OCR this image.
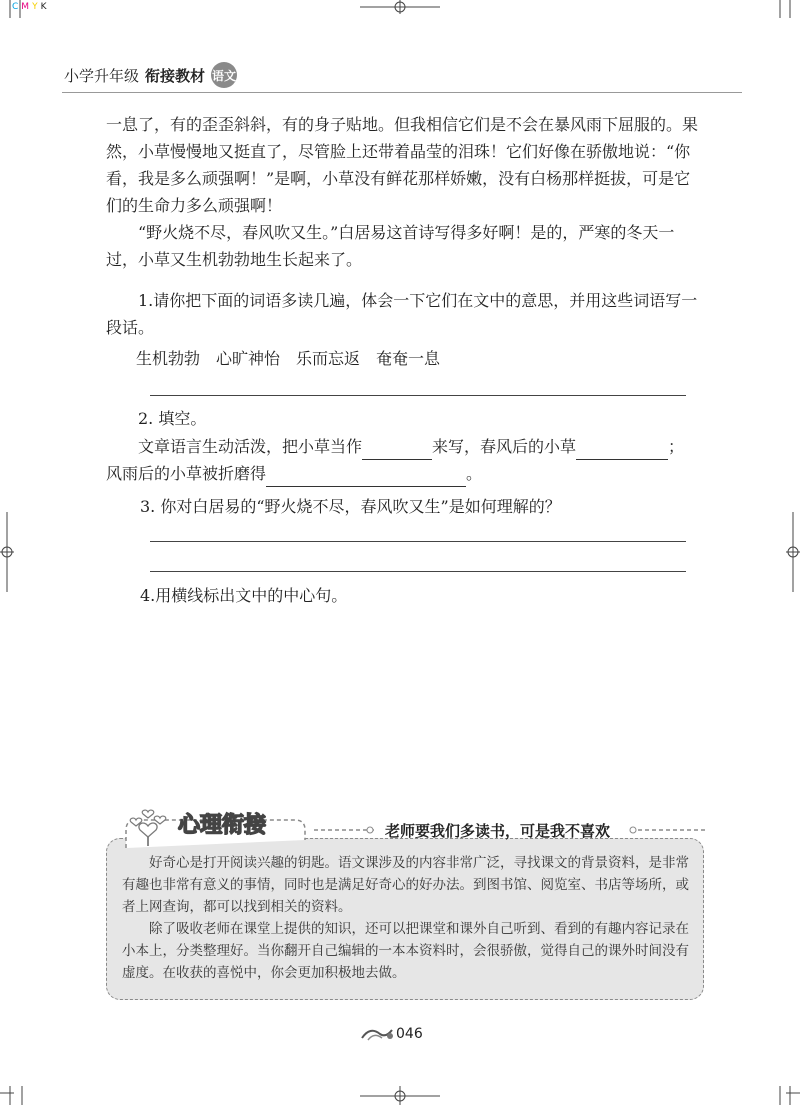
CMYK
小学升年级 衔接教材 语文

一息了，有的歪歪斜斜，有的身子贴地。但我相信它们是不会在暴风雨下屈服的。果然，小草慢慢地又挺直了，尽管脸上还带着晶莹的泪珠！它们好像在骄傲地说：“你看，我是多么顽强啊！”是啊，小草没有鲜花那样娇嫩，没有白杨那样挺拔，可是它们的生命力多么顽强啊！

“野火烧不尽，春风吹又生。”白居易这首诗写得多好啊！是的，严寒的冬天一过，小草又生机勃勃地生长起来了。

1.请你把下面的词语多读几遍，体会一下它们在文中的意思，并用这些词语写一段话。

生机勃勃　心旷神怡　乐而忘返　奄奄一息
2. 填空。
文章语言生动活泼，把小草当作	来写，春风后的小草	；
风雨后的小草被折磨得	。
3. 你对白居易的“野火烧不尽，春风吹又生”是如何理解的？
4.用横线标出文中的中心句。
心理衔接	老师要我们多读书，可是我不喜欢

好奇心是打开阅读兴趣的钥匙。语文课涉及的内容非常广泛，寻找课文的背景资料，是非常有趣也非常有意义的事情，同时也是满足好奇心的好办法。到图书馆、阅览室、书店等场所，或者上网查询，都可以找到相关的资料。

除了吸收老师在课堂上提供的知识，还可以把课堂和课外自己听到、看到的有趣内容记录在小本上，分类整理好。当你翻开自己编辑的一本本资料时，会很骄傲，觉得自己的课外时间没有虚度。在收获的喜悦中，你会更加积极地去做。

046
